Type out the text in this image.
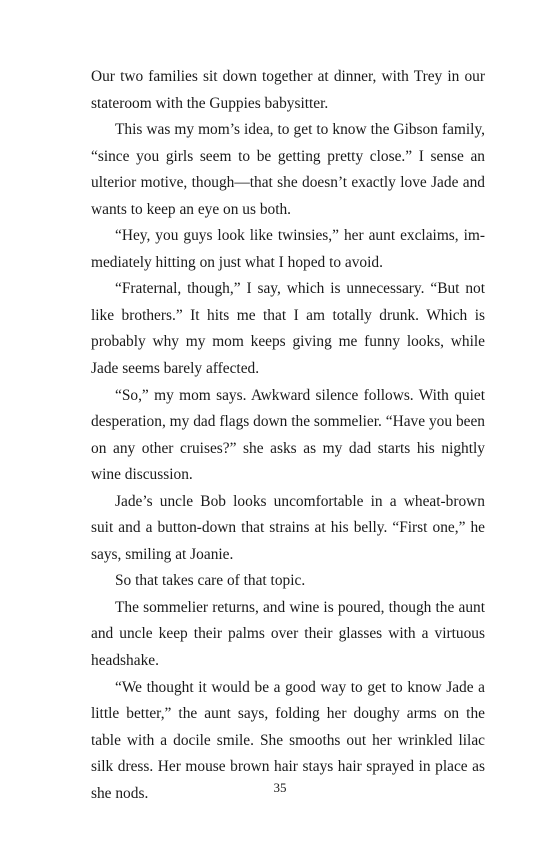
Our two families sit down together at dinner, with Trey in our stateroom with the Guppies babysitter.

This was my mom’s idea, to get to know the Gibson family, “since you girls seem to be getting pretty close.” I sense an ulterior motive, though—that she doesn’t exactly love Jade and wants to keep an eye on us both.

“Hey, you guys look like twinsies,” her aunt exclaims, immediately hitting on just what I hoped to avoid.

“Fraternal, though,” I say, which is unnecessary. “But not like brothers.” It hits me that I am totally drunk. Which is probably why my mom keeps giving me funny looks, while Jade seems barely affected.

“So,” my mom says. Awkward silence follows. With quiet desperation, my dad flags down the sommelier. “Have you been on any other cruises?” she asks as my dad starts his nightly wine discussion.

Jade’s uncle Bob looks uncomfortable in a wheat-brown suit and a button-down that strains at his belly. “First one,” he says, smiling at Joanie.

So that takes care of that topic.

The sommelier returns, and wine is poured, though the aunt and uncle keep their palms over their glasses with a virtuous headshake.

“We thought it would be a good way to get to know Jade a little better,” the aunt says, folding her doughy arms on the table with a docile smile. She smooths out her wrinkled lilac silk dress. Her mouse brown hair stays hair sprayed in place as she nods.	35
